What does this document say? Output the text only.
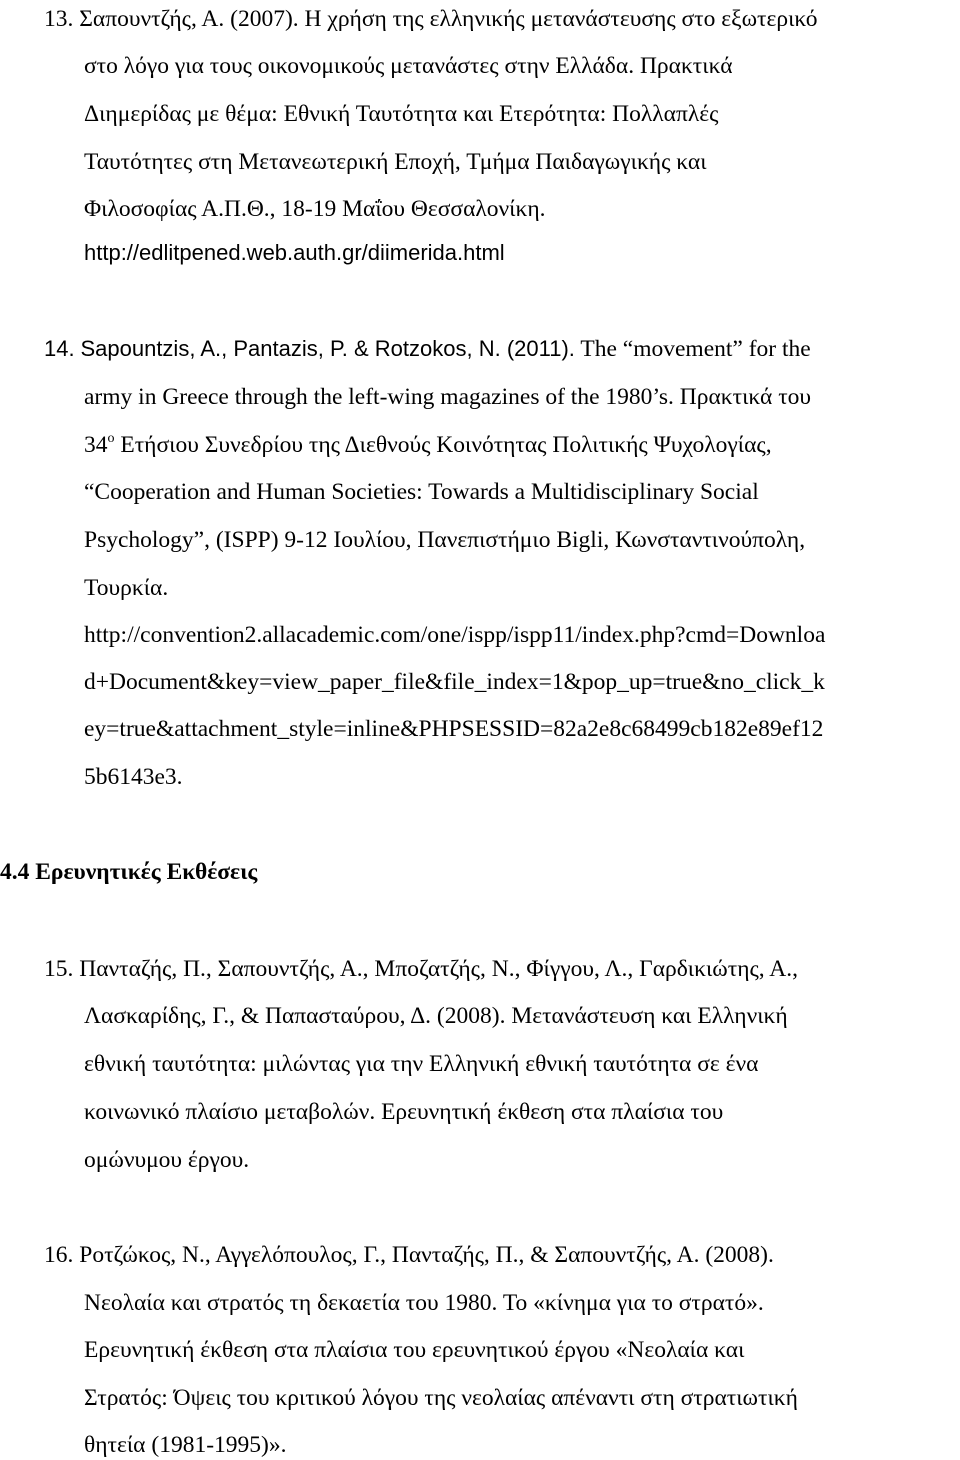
13. Σαπουντζής, Α. (2007). Η χρήση της ελληνικής μετανάστευσης στο εξωτερικό
στο λόγο για τους οικονομικούς μετανάστες στην Ελλάδα. Πρακτικά
Διημερίδας με θέμα: Εθνική Ταυτότητα και Ετερότητα: Πολλαπλές
Ταυτότητες στη Μετανεωτερική Εποχή, Τμήμα Παιδαγωγικής και
Φιλοσοφίας Α.Π.Θ., 18-19 Μαΐου Θεσσαλονίκη.
http://edlitpened.web.auth.gr/diimerida.html
14. Sapountzis, A., Pantazis, P. & Rotzokos, N. (2011). The “movement” for the
army in Greece through the left-wing magazines of the 1980’s. Πρακτικά του
$34^o$ Ετήσιου Συνεδρίου της Διεθνούς Κοινότητας Πολιτικής Ψυχολογίας,
“Cooperation and Human Societies: Towards a Multidisciplinary Social
Psychology”, (ISPP) 9-12 Ιουλίου, Πανεπιστήμιο Bigli, Κωνσταντινούπολη,
Τουρκία.
http://convention2.allacademic.com/one/ispp/ispp11/index.php?cmd=Downloa
d+Document&key=view_paper_file&file_index=1&pop_up=true&no_click_k
ey=true&attachment_style=inline&PHPSESSID=82a2e8c68499cb182e89ef12
5b6143e3.
4.4 Ερευνητικές Εκθέσεις
15. Πανταζής, Π., Σαπουντζής, Α., Μποζατζής, Ν., Φίγγου, Λ., Γαρδικιώτης, Α.,
Λασκαρίδης, Γ., & Παπασταύρου, Δ. (2008). Μετανάστευση και Ελληνική
εθνική ταυτότητα: μιλώντας για την Ελληνική εθνική ταυτότητα σε ένα
κοινωνικό πλαίσιο μεταβολών. Ερευνητική έκθεση στα πλαίσια του
ομώνυμου έργου.
16. Ροτζώκος, Ν., Αγγελόπουλος, Γ., Πανταζής, Π., & Σαπουντζής, Α. (2008).
Νεολαία και στρατός τη δεκαετία του 1980. Το «κίνημα για το στρατό».
Ερευνητική έκθεση στα πλαίσια του ερευνητικού έργου «Νεολαία και
Στρατός: Όψεις του κριτικού λόγου της νεολαίας απέναντι στη στρατιωτική
θητεία (1981-1995)».
